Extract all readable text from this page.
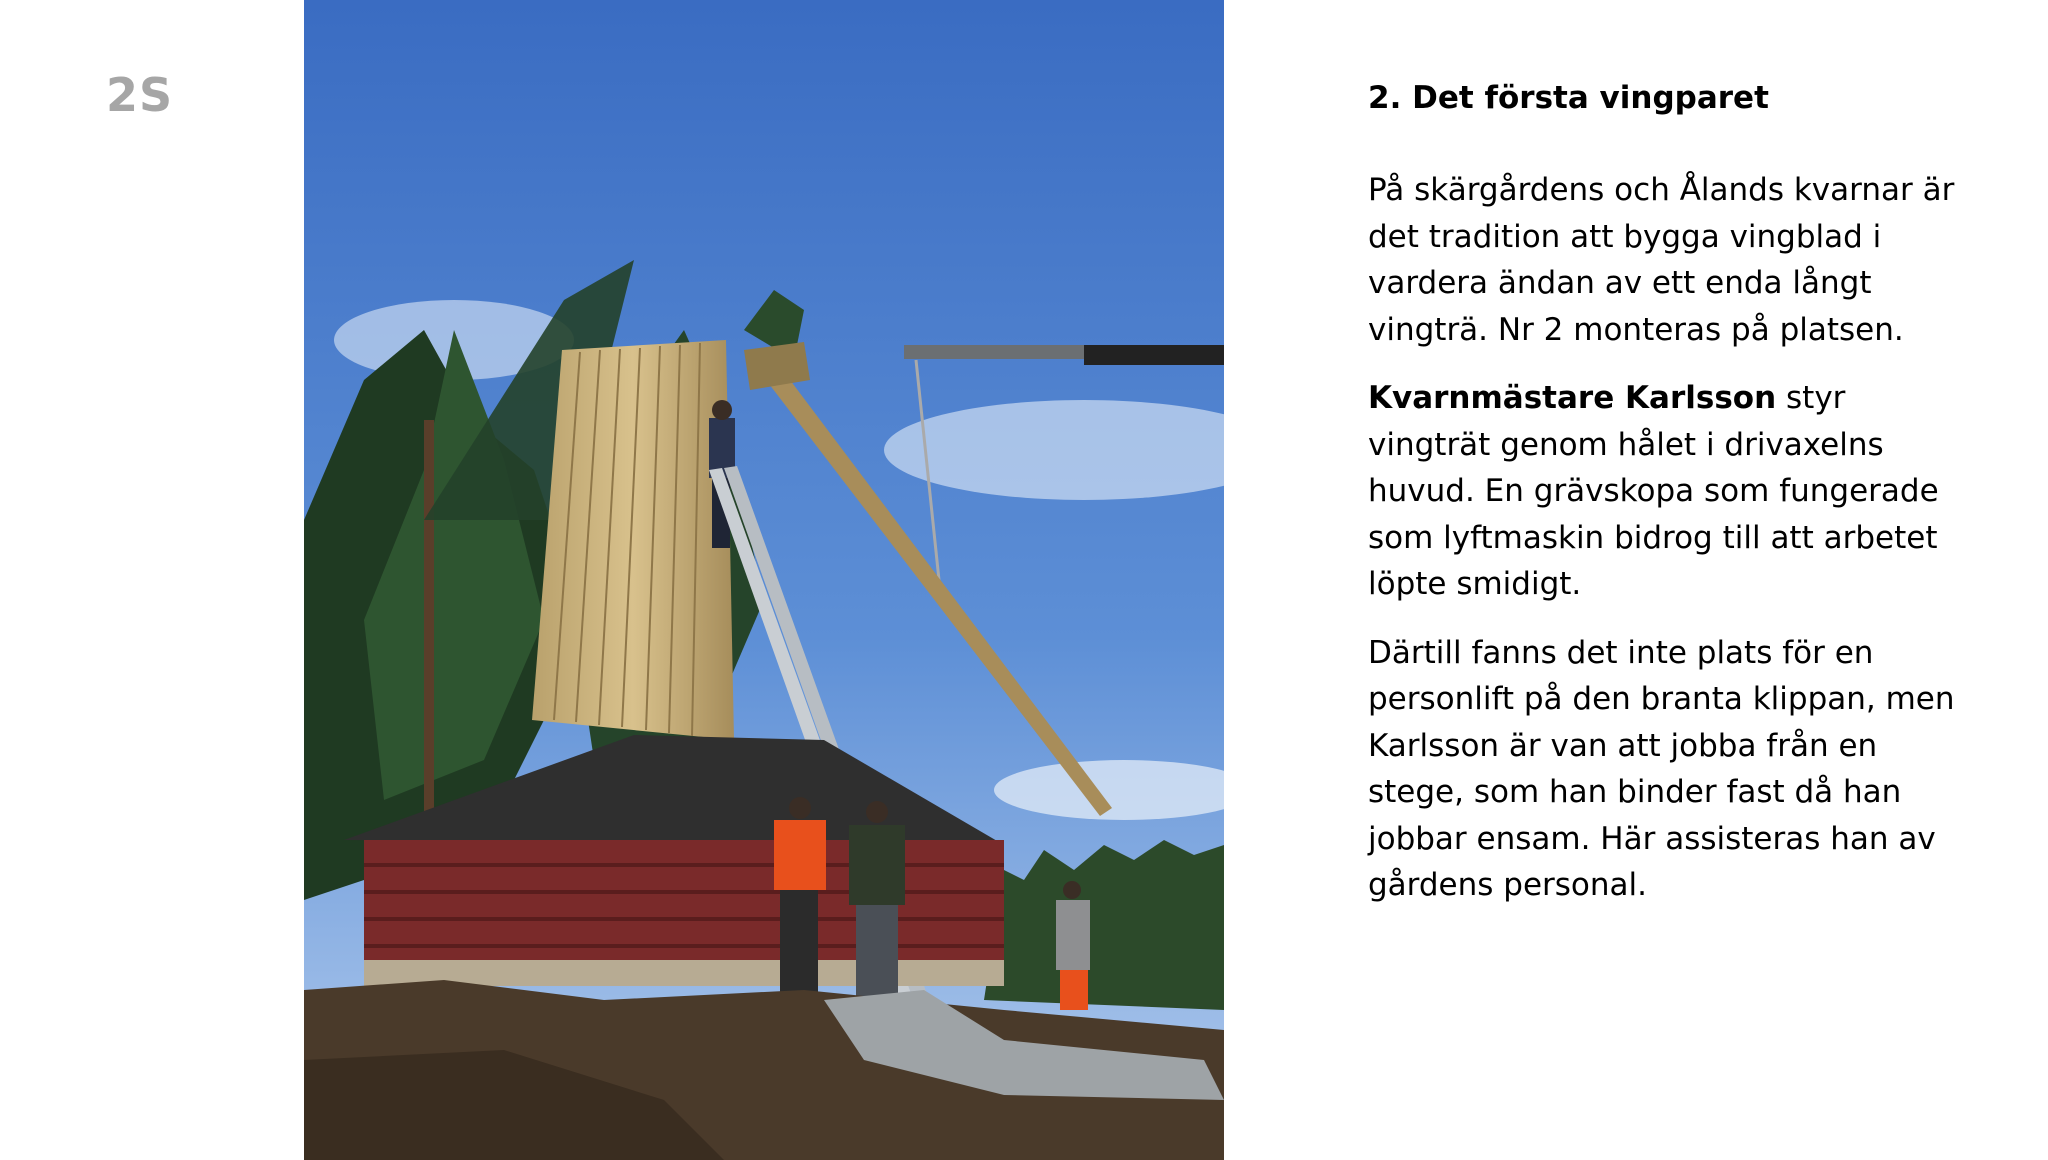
2S	2. Det första vingparet

På skärgårdens och Ålands kvarnar är det tradition att bygga vingblad i vardera ändan av ett enda långt vingträ. Nr 2 monteras på platsen.

Kvarnmästare Karlsson styr vingträt genom hålet i drivaxelns huvud. En grävskopa som fungerade som lyftmaskin bidrog till att arbetet löpte smidigt.

Därtill fanns det inte plats för en personlift på den branta klippan, men Karlsson är van att jobba från en stege, som han binder fast då han jobbar ensam. Här assisteras han av gårdens personal.
